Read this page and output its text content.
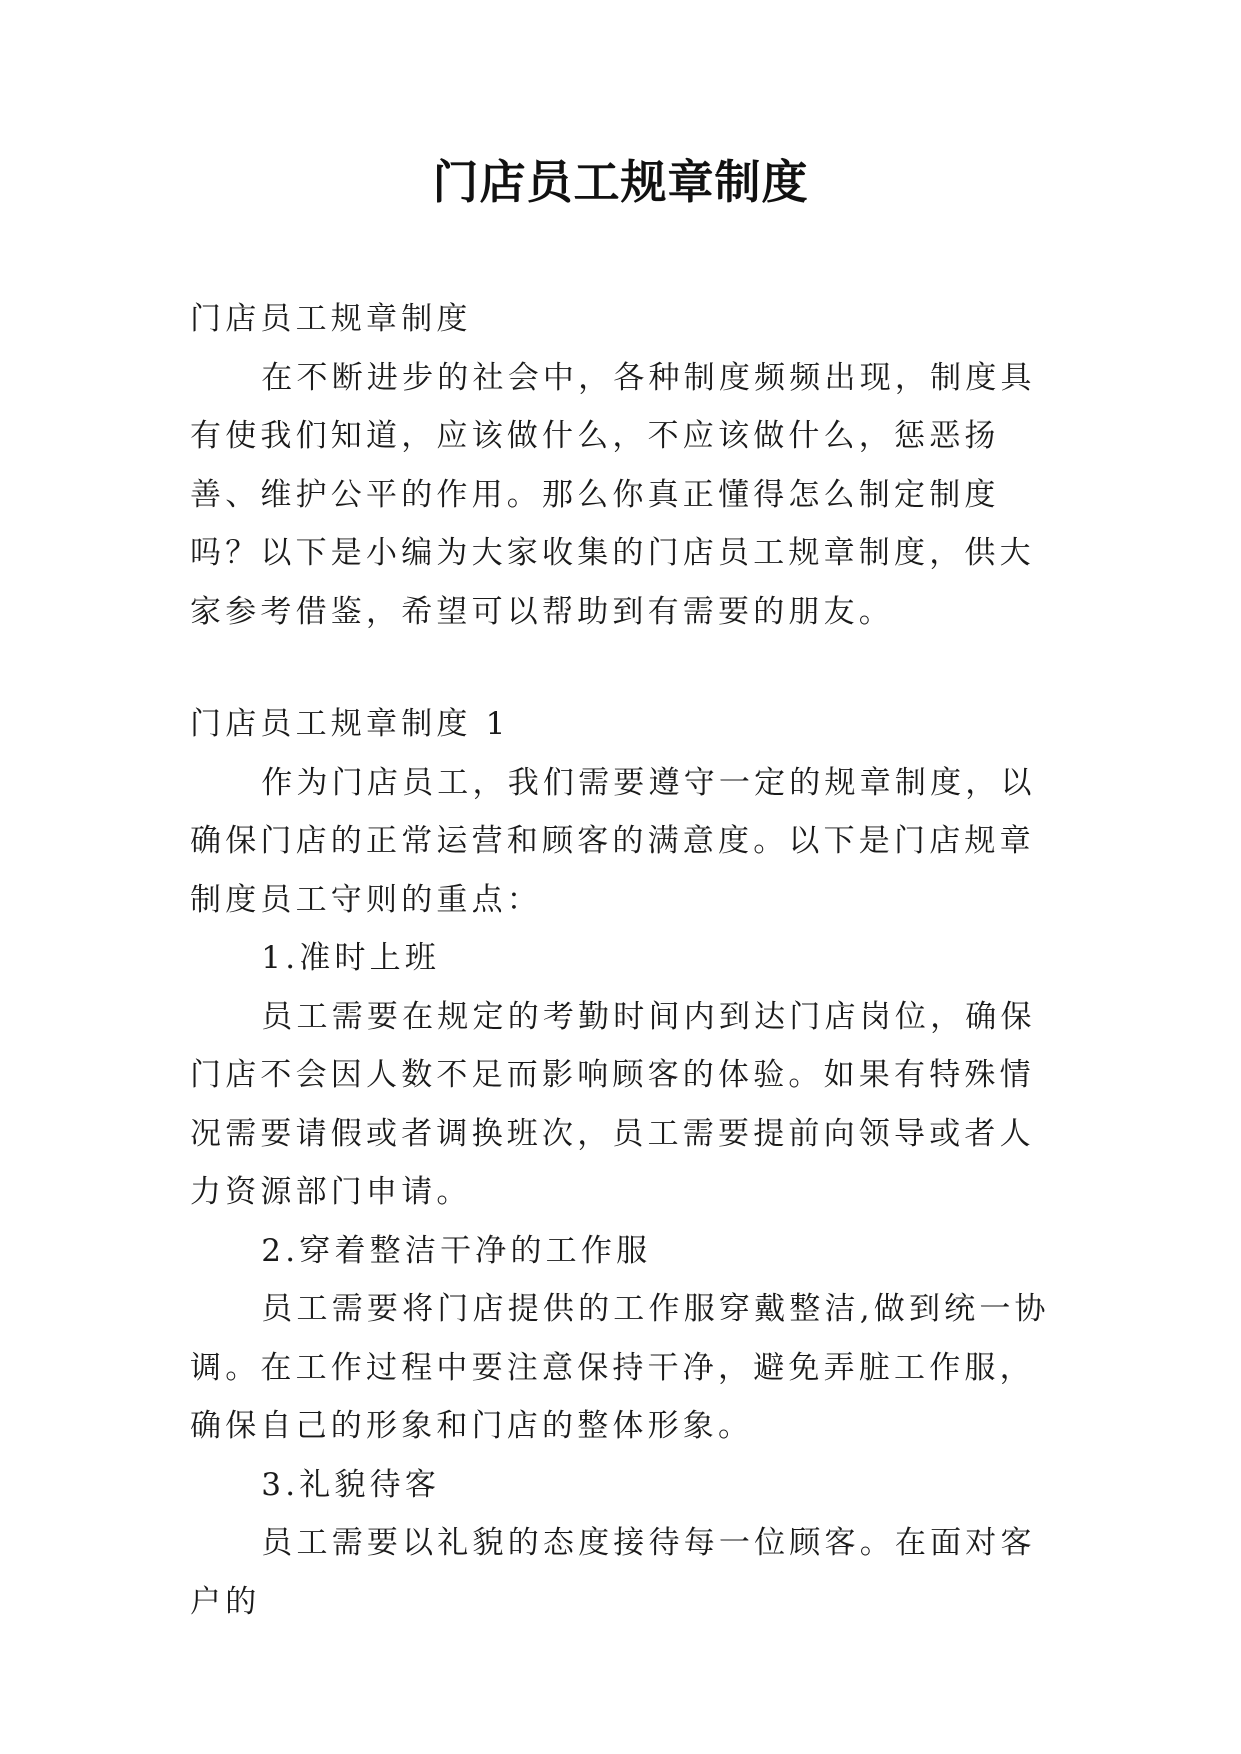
门店员工规章制度

门店员工规章制度

在不断进步的社会中，各种制度频频出现，制度具有使我们知道，应该做什么，不应该做什么，惩恶扬善、维护公平的作用。那么你真正懂得怎么制定制度吗？以下是小编为大家收集的门店员工规章制度，供大家参考借鉴，希望可以帮助到有需要的朋友。

门店员工规章制度 1

作为门店员工，我们需要遵守一定的规章制度，以确保门店的正常运营和顾客的满意度。以下是门店规章制度员工守则的重点：

1.准时上班

员工需要在规定的考勤时间内到达门店岗位，确保门店不会因人数不足而影响顾客的体验。如果有特殊情况需要请假或者调换班次，员工需要提前向领导或者人力资源部门申请。

2.穿着整洁干净的工作服

员工需要将门店提供的工作服穿戴整洁,做到统一协调。在工作过程中要注意保持干净，避免弄脏工作服，确保自己的形象和门店的整体形象。

3.礼貌待客

员工需要以礼貌的态度接待每一位顾客。在面对客户的
